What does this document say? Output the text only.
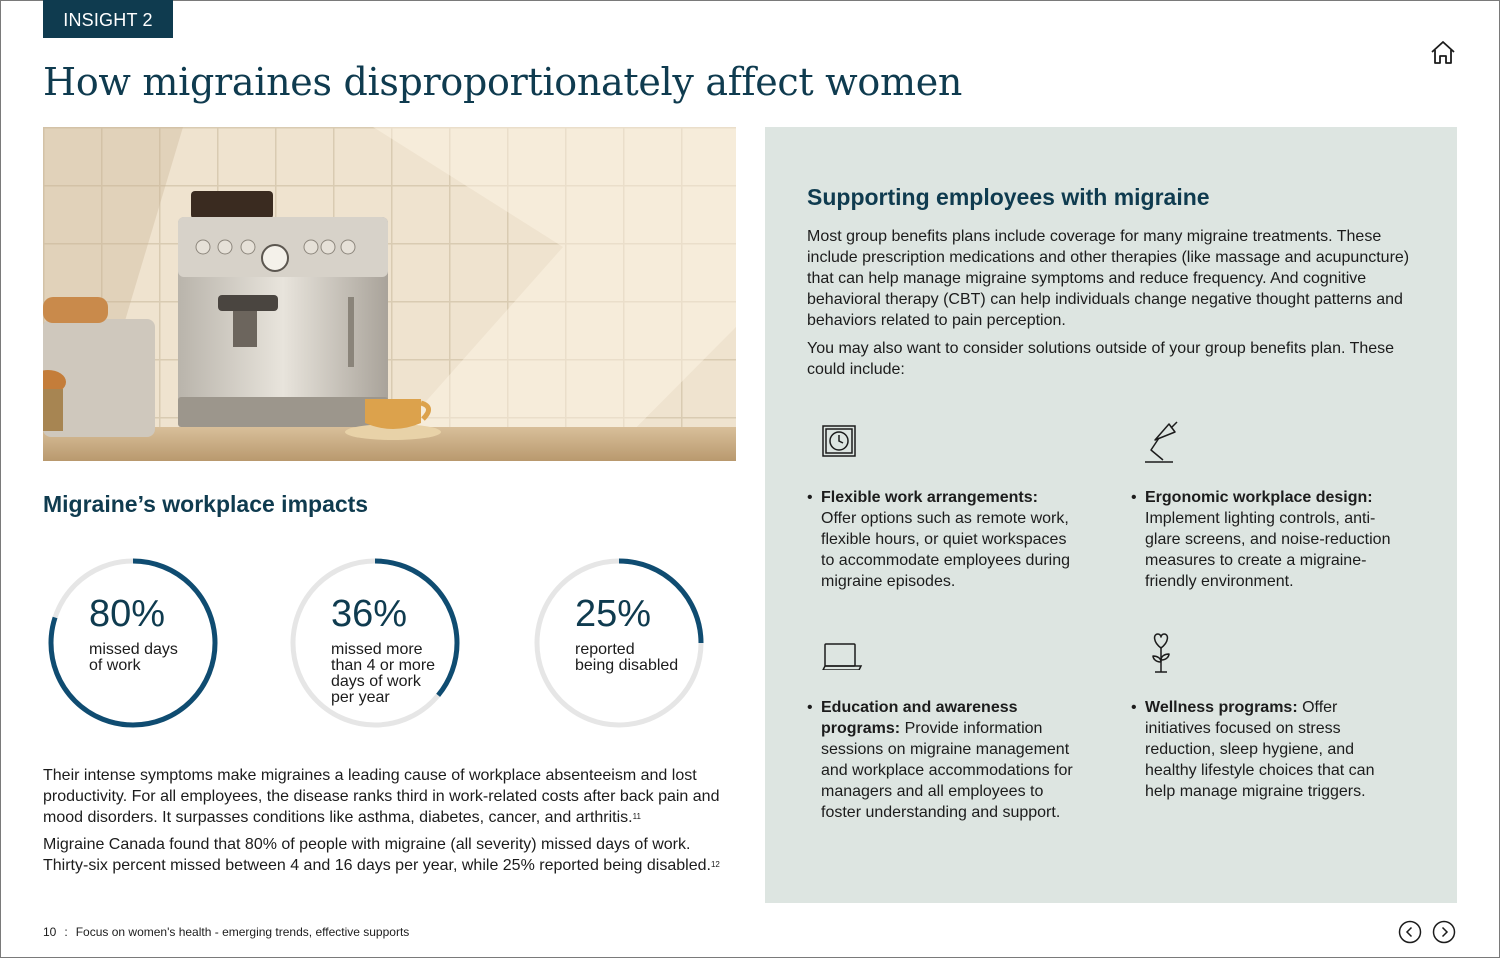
INSIGHT 2
How migraines disproportionately affect women
Migraine’s workplace impacts
80%
missed days
of work
36%
missed more
than 4 or more
days of work
per year
25%
reported
being disabled

Their intense symptoms make migraines a leading cause of workplace absenteeism and lost productivity. For all employees, the disease ranks third in work-related costs after back pain and mood disorders. It surpasses conditions like asthma, diabetes, cancer, and arthritis.$^{11}$

Migraine Canada found that 80% of people with migraine (all severity) missed days of work. Thirty-six percent missed between 4 and 16 days per year, while 25% reported being disabled.$^{12}$

Supporting employees with migraine

Most group benefits plans include coverage for many migraine treatments. These include prescription medications and other therapies (like massage and acupuncture) that can help manage migraine symptoms and reduce frequency. And cognitive behavioral therapy (CBT) can help individuals change negative thought patterns and behaviors related to pain perception.

You may also want to consider solutions outside of your group benefits plan. These could include:

• Flexible work arrangements:
Offer options such as remote work, flexible hours, or quiet workspaces to accommodate employees during migraine episodes.
• Ergonomic workplace design:
Implement lighting controls, anti-glare screens, and noise-reduction measures to create a migraine-friendly environment.
• Education and awareness programs: Provide information sessions on migraine management and workplace accommodations for managers and all employees to foster understanding and support.
• Wellness programs: Offer initiatives focused on stress reduction, sleep hygiene, and healthy lifestyle choices that can help manage migraine triggers.
10 : Focus on women's health - emerging trends, effective supports
